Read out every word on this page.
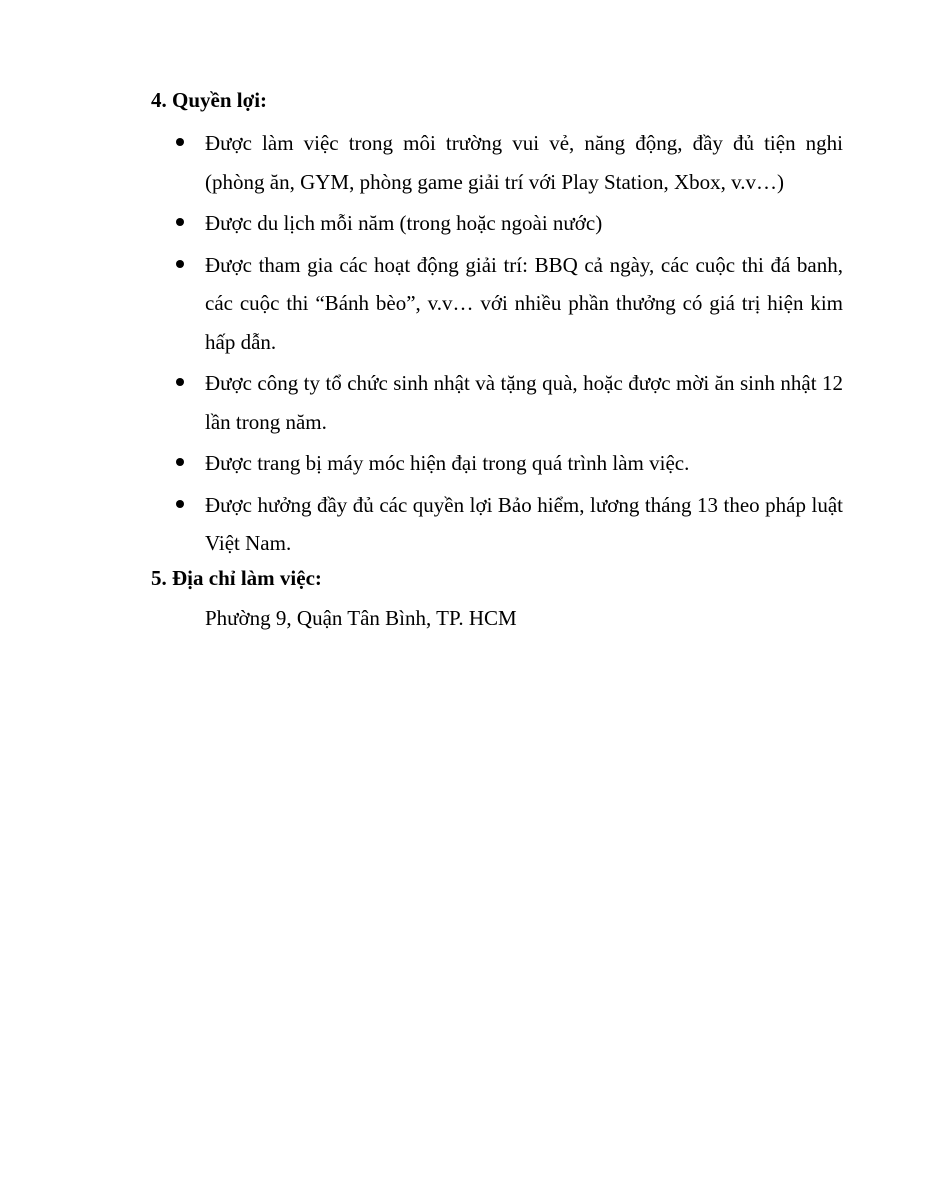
4. Quyền lợi:
Được làm việc trong môi trường vui vẻ, năng động, đầy đủ tiện nghi (phòng ăn, GYM, phòng game giải trí với Play Station, Xbox, v.v…)
Được du lịch mỗi năm (trong hoặc ngoài nước)
Được tham gia các hoạt động giải trí: BBQ cả ngày, các cuộc thi đá banh, các cuộc thi “Bánh bèo”, v.v… với nhiều phần thưởng có giá trị hiện kim hấp dẫn.
Được công ty tổ chức sinh nhật và tặng quà, hoặc được mời ăn sinh nhật 12 lần trong năm.
Được trang bị máy móc hiện đại trong quá trình làm việc.
Được hưởng đầy đủ các quyền lợi Bảo hiểm, lương tháng 13 theo pháp luật Việt Nam.
5. Địa chỉ làm việc:
Phường 9, Quận Tân Bình, TP. HCM
